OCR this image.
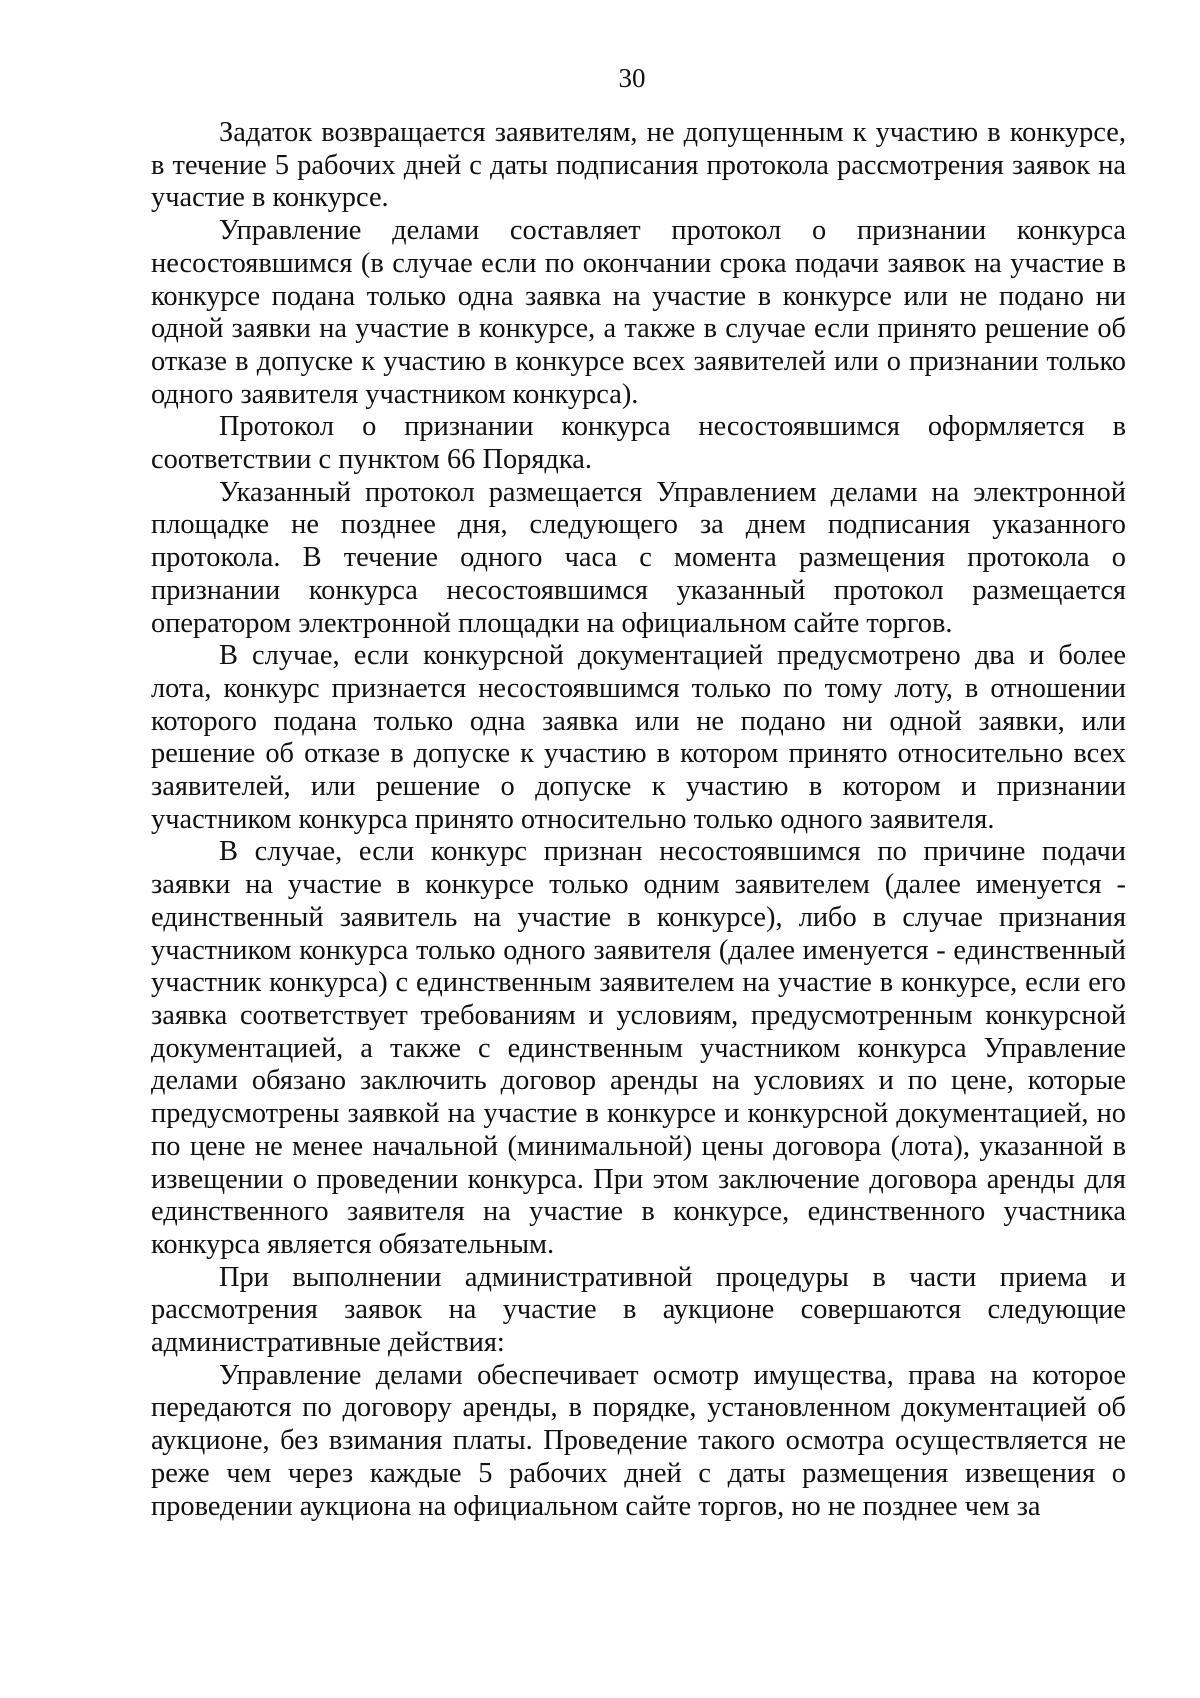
30

Задаток возвращается заявителям, не допущенным к участию в конкурсе, в течение 5 рабочих дней с даты подписания протокола рассмотрения заявок на участие в конкурсе.

Управление делами составляет протокол о признании конкурса несостоявшимся (в случае если по окончании срока подачи заявок на участие в конкурсе подана только одна заявка на участие в конкурсе или не подано ни одной заявки на участие в конкурсе, а также в случае если принято решение об отказе в допуске к участию в конкурсе всех заявителей или о признании только одного заявителя участником конкурса).

Протокол о признании конкурса несостоявшимся оформляется в соответствии с пунктом 66 Порядка.

Указанный протокол размещается Управлением делами на электронной площадке не позднее дня, следующего за днем подписания указанного протокола. В течение одного часа с момента размещения протокола о признании конкурса несостоявшимся указанный протокол размещается оператором электронной площадки на официальном сайте торгов.

В случае, если конкурсной документацией предусмотрено два и более лота, конкурс признается несостоявшимся только по тому лоту, в отношении которого подана только одна заявка или не подано ни одной заявки, или решение об отказе в допуске к участию в котором принято относительно всех заявителей, или решение о допуске к участию в котором и признании участником конкурса принято относительно только одного заявителя.

В случае, если конкурс признан несостоявшимся по причине подачи заявки на участие в конкурсе только одним заявителем (далее именуется - единственный заявитель на участие в конкурсе), либо в случае признания участником конкурса только одного заявителя (далее именуется - единственный участник конкурса) с единственным заявителем на участие в конкурсе, если его заявка соответствует требованиям и условиям, предусмотренным конкурсной документацией, а также с единственным участником конкурса Управление делами обязано заключить договор аренды на условиях и по цене, которые предусмотрены заявкой на участие в конкурсе и конкурсной документацией, но по цене не менее начальной (минимальной) цены договора (лота), указанной в извещении о проведении конкурса. При этом заключение договора аренды для единственного заявителя на участие в конкурсе, единственного участника конкурса является обязательным.

При выполнении административной процедуры в части приема и рассмотрения заявок на участие в аукционе совершаются следующие административные действия:

Управление делами обеспечивает осмотр имущества, права на которое передаются по договору аренды, в порядке, установленном документацией об аукционе, без взимания платы. Проведение такого осмотра осуществляется не реже чем через каждые 5 рабочих дней с даты размещения извещения о проведении аукциона на официальном сайте торгов, но не позднее чем за
